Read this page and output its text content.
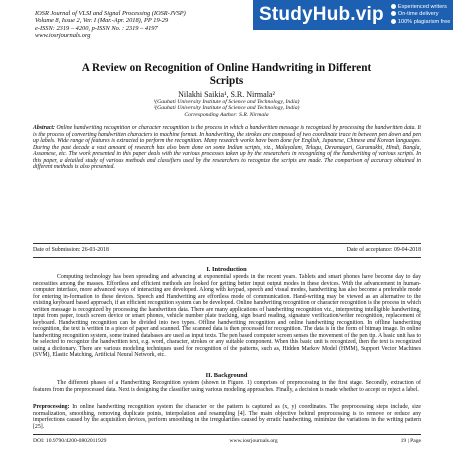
StudyHub.vip	Experienced writers
On-time delivery
100% plagiarism free
IOSR Journal of VLSI and Signal Processing (IOSR-JVSP)
Volume 8, Issue 2, Ver. I (Mar.-Apr. 2018), PP 19-29
e-ISSN: 2319 – 4200, p-ISSN No. : 2319 – 4197
www.iosrjournals.org
A Review on Recognition of Online Handwriting in Different
Scripts
Nilakhi Saikia¹, S.R. Nirmala²
¹(Gauhati University Institute of Science and Technology, India)
²(Gauhati University Institute of Science and Technology, India)
Corresponding Author: S.R. Nirmala
Abstract: Online handwriting recognition or character recognition is the process in which a handwritten message is recognized by processing the handwritten data. It is the process of converting handwritten characters to machine format. In handwriting, the strokes are composed of two coordinate trace in between pen down and pen up labels. Wide range of features is extracted to perform the recognition. Many research works have been done for English, Japanese, Chinese and Korean languages. During the past decade a vast amount of research has also been done on some Indian scripts, viz., Malayalam, Telugu, Devanagari, Gurumukhi, Hindi, Bangla, Assamese, etc. The work presented in this paper deals with the various processes taken up by the researchers in recognizing of the handwriting of various scripts. In this paper, a detailed study of various methods and classifiers used by the researchers to recognize the scripts are made. The comparison of accuracy obtained in different methods is also presented.
Date of Submission: 26-03-2018	Date of acceptance: 09-04-2018
I. Introduction
Computing technology has been spreading and advancing at exponential speeds in the recent years. Tablets and smart phones have become day to day necessities among the masses. Effortless and efficient methods are looked for getting better input output modes in these devices. With the advancement in human-computer interface, more advanced ways of interacting are developed. Along with keypad, speech and visual modes, handwriting has also become a preferable mode for entering in-formation to these devices. Speech and Handwriting are effortless mode of communication. Hand-writing may be viewed as an alternative to the existing keyboard based approach, if an efficient recognition system can be developed. Online handwriting recognition or character recognition is the process in which written message is recognized by processing the handwritten data. There are many applications of handwriting recognition viz., interpreting intelligible handwriting, input from paper, touch screen device or smart phones, vehicle number plate tracking, sign board reading, signature verification/writer recognition, replacement of keyboard. Handwriting recognition can be divided into two types. Offline handwriting recognition and online handwriting recognition. In offline handwriting recognition, the text is written in a piece of paper and scanned. The scanned data is then processed for recognition. The data is in the form of bitmap image. In online handwriting recognition system, some trained databases are used as input texts. The pen based computer screen senses the movement of the pen tip. A basic unit has to be selected to recognize the handwritten text, e.g. word, character, strokes or any suitable component. When this basic unit is recognized, then the text is recognized using a dictionary. There are various modeling techniques used for recognition of the patterns, such as, Hidden Markov Model (HMM), Support Vector Machines (SVM), Elastic Matching, Artificial Neural Network, etc.
II. Background
The different phases of a Handwriting Recognition system (shown in Figure. 1) comprises of preprocessing in the first stage. Secondly, extraction of features from the preprocessed data. Next is designing the classifier using various modeling approaches. Finally, a decision is made whether to accept or reject a label.
Preprocessing: In online handwriting recognition system the character or the pattern is captured as (x, y) coordinates. The preprocessing steps include, size normalization, smoothing, removing duplicate points, interpolation and resampling [4]. The main objective behind preprocessing is to remove or reduce any imperfections caused by the acquisition devices, perform smoothing in the irregularities caused by erratic handwriting, minimize the variations in the writing pattern [25].
DOI: 10.9790/4200-0802011929	www.iosrjournals.org	19 | Page
